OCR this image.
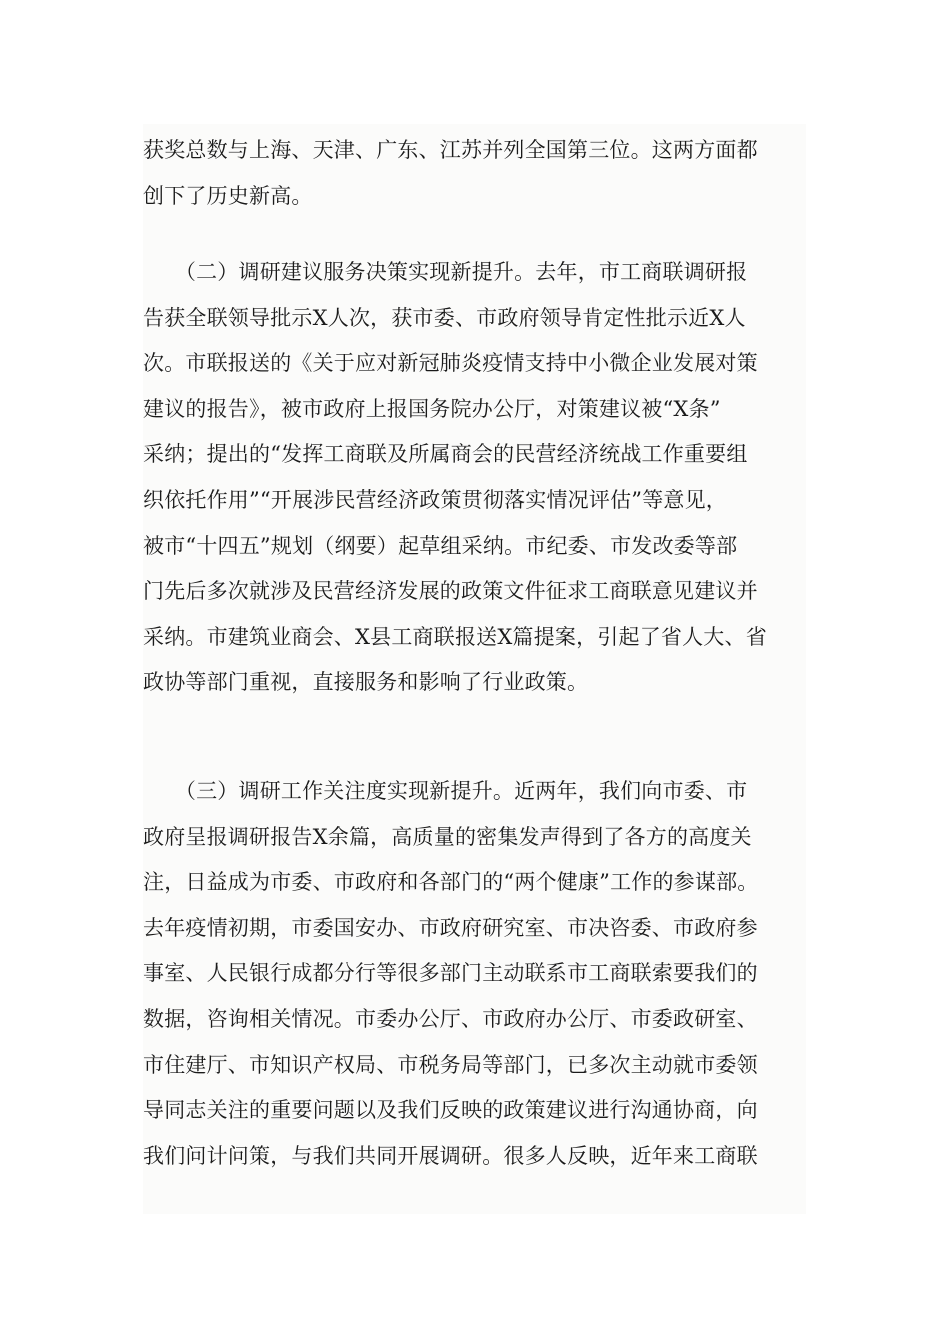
获奖总数与上海、天津、广东、江苏并列全国第三位。这两方面都
创下了历史新高。
　　（二）调研建议服务决策实现新提升。去年，市工商联调研报
告获全联领导批示Ⅹ人次，获市委、市政府领导肯定性批示近Ⅹ人
次。市联报送的《关于应对新冠肺炎疫情支持中小微企业发展对策
建议的报告》，被市政府上报国务院办公厅，对策建议被“Ⅹ条”
采纳；提出的“发挥工商联及所属商会的民营经济统战工作重要组
织依托作用”“开展涉民营经济政策贯彻落实情况评估”等意见，
被市“十四五”规划（纲要）起草组采纳。市纪委、市发改委等部
门先后多次就涉及民营经济发展的政策文件征求工商联意见建议并
采纳。市建筑业商会、Ⅹ县工商联报送Ⅹ篇提案，引起了省人大、省
政协等部门重视，直接服务和影响了行业政策。
　　（三）调研工作关注度实现新提升。近两年，我们向市委、市
政府呈报调研报告Ⅹ余篇，高质量的密集发声得到了各方的高度关
注，日益成为市委、市政府和各部门的“两个健康”工作的参谋部。
去年疫情初期，市委国安办、市政府研究室、市决咨委、市政府参
事室、人民银行成都分行等很多部门主动联系市工商联索要我们的
数据，咨询相关情况。市委办公厅、市政府办公厅、市委政研室、
市住建厅、市知识产权局、市税务局等部门，已多次主动就市委领
导同志关注的重要问题以及我们反映的政策建议进行沟通协商，向
我们问计问策，与我们共同开展调研。很多人反映，近年来工商联
